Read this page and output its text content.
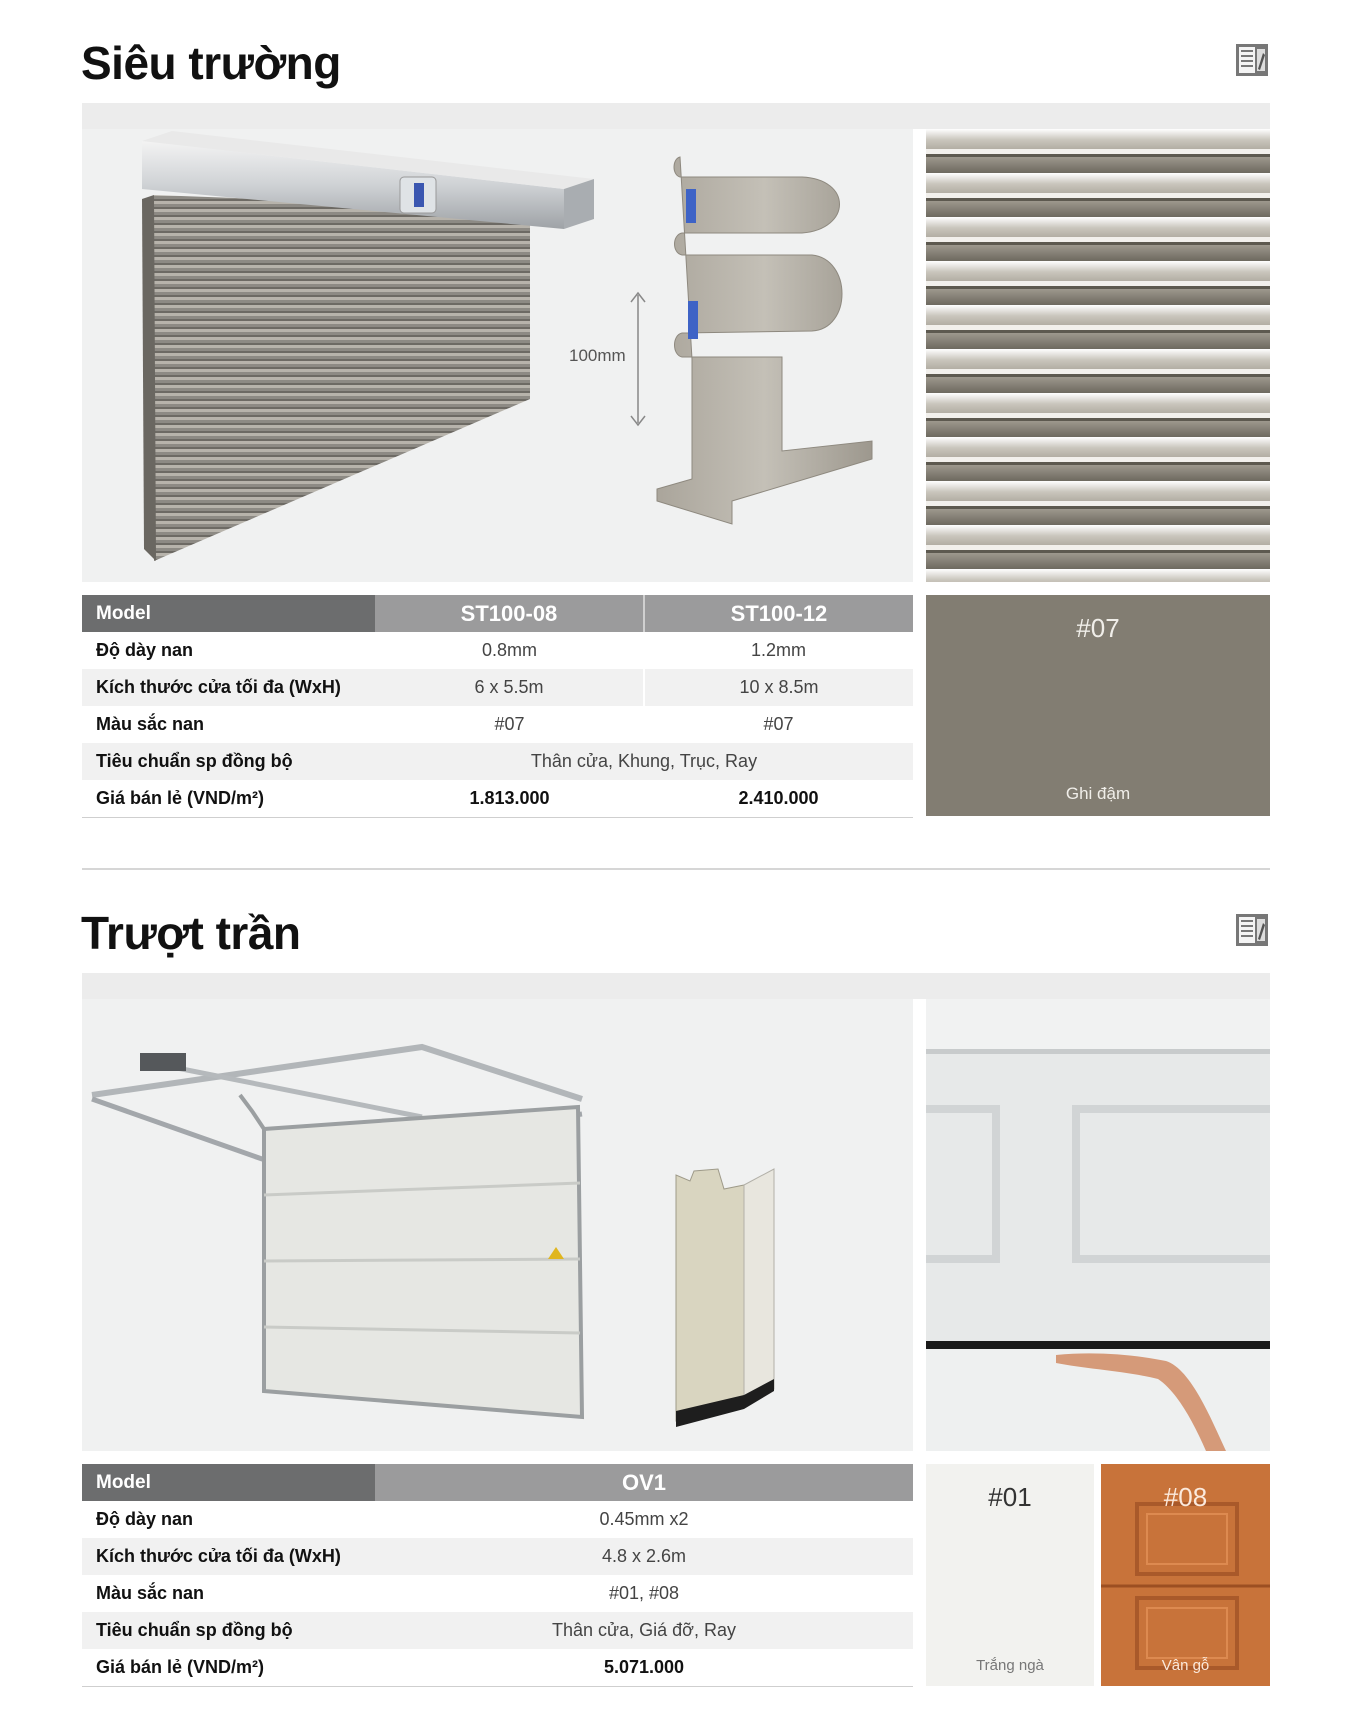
Siêu trường
100mm
Model	ST100-08	ST100-12
Độ dày nan	0.8mm	1.2mm
Kích thước cửa tối đa (WxH)	6 x 5.5m	10 x 8.5m
Màu sắc nan	#07	#07
Tiêu chuẩn sp đồng bộ	Thân cửa, Khung, Trục, Ray	
Giá bán lẻ (VND/m²)	1.813.000	2.410.000
#07
Ghi đậm
Trượt trần
Model	OV1
Độ dày nan	0.45mm x2
Kích thước cửa tối đa (WxH)	4.8 x 2.6m
Màu sắc nan	#01, #08
Tiêu chuẩn sp đồng bộ	Thân cửa, Giá đỡ, Ray
Giá bán lẻ (VND/m²)	5.071.000
#01
Trắng ngà
#08
Vân gỗ
